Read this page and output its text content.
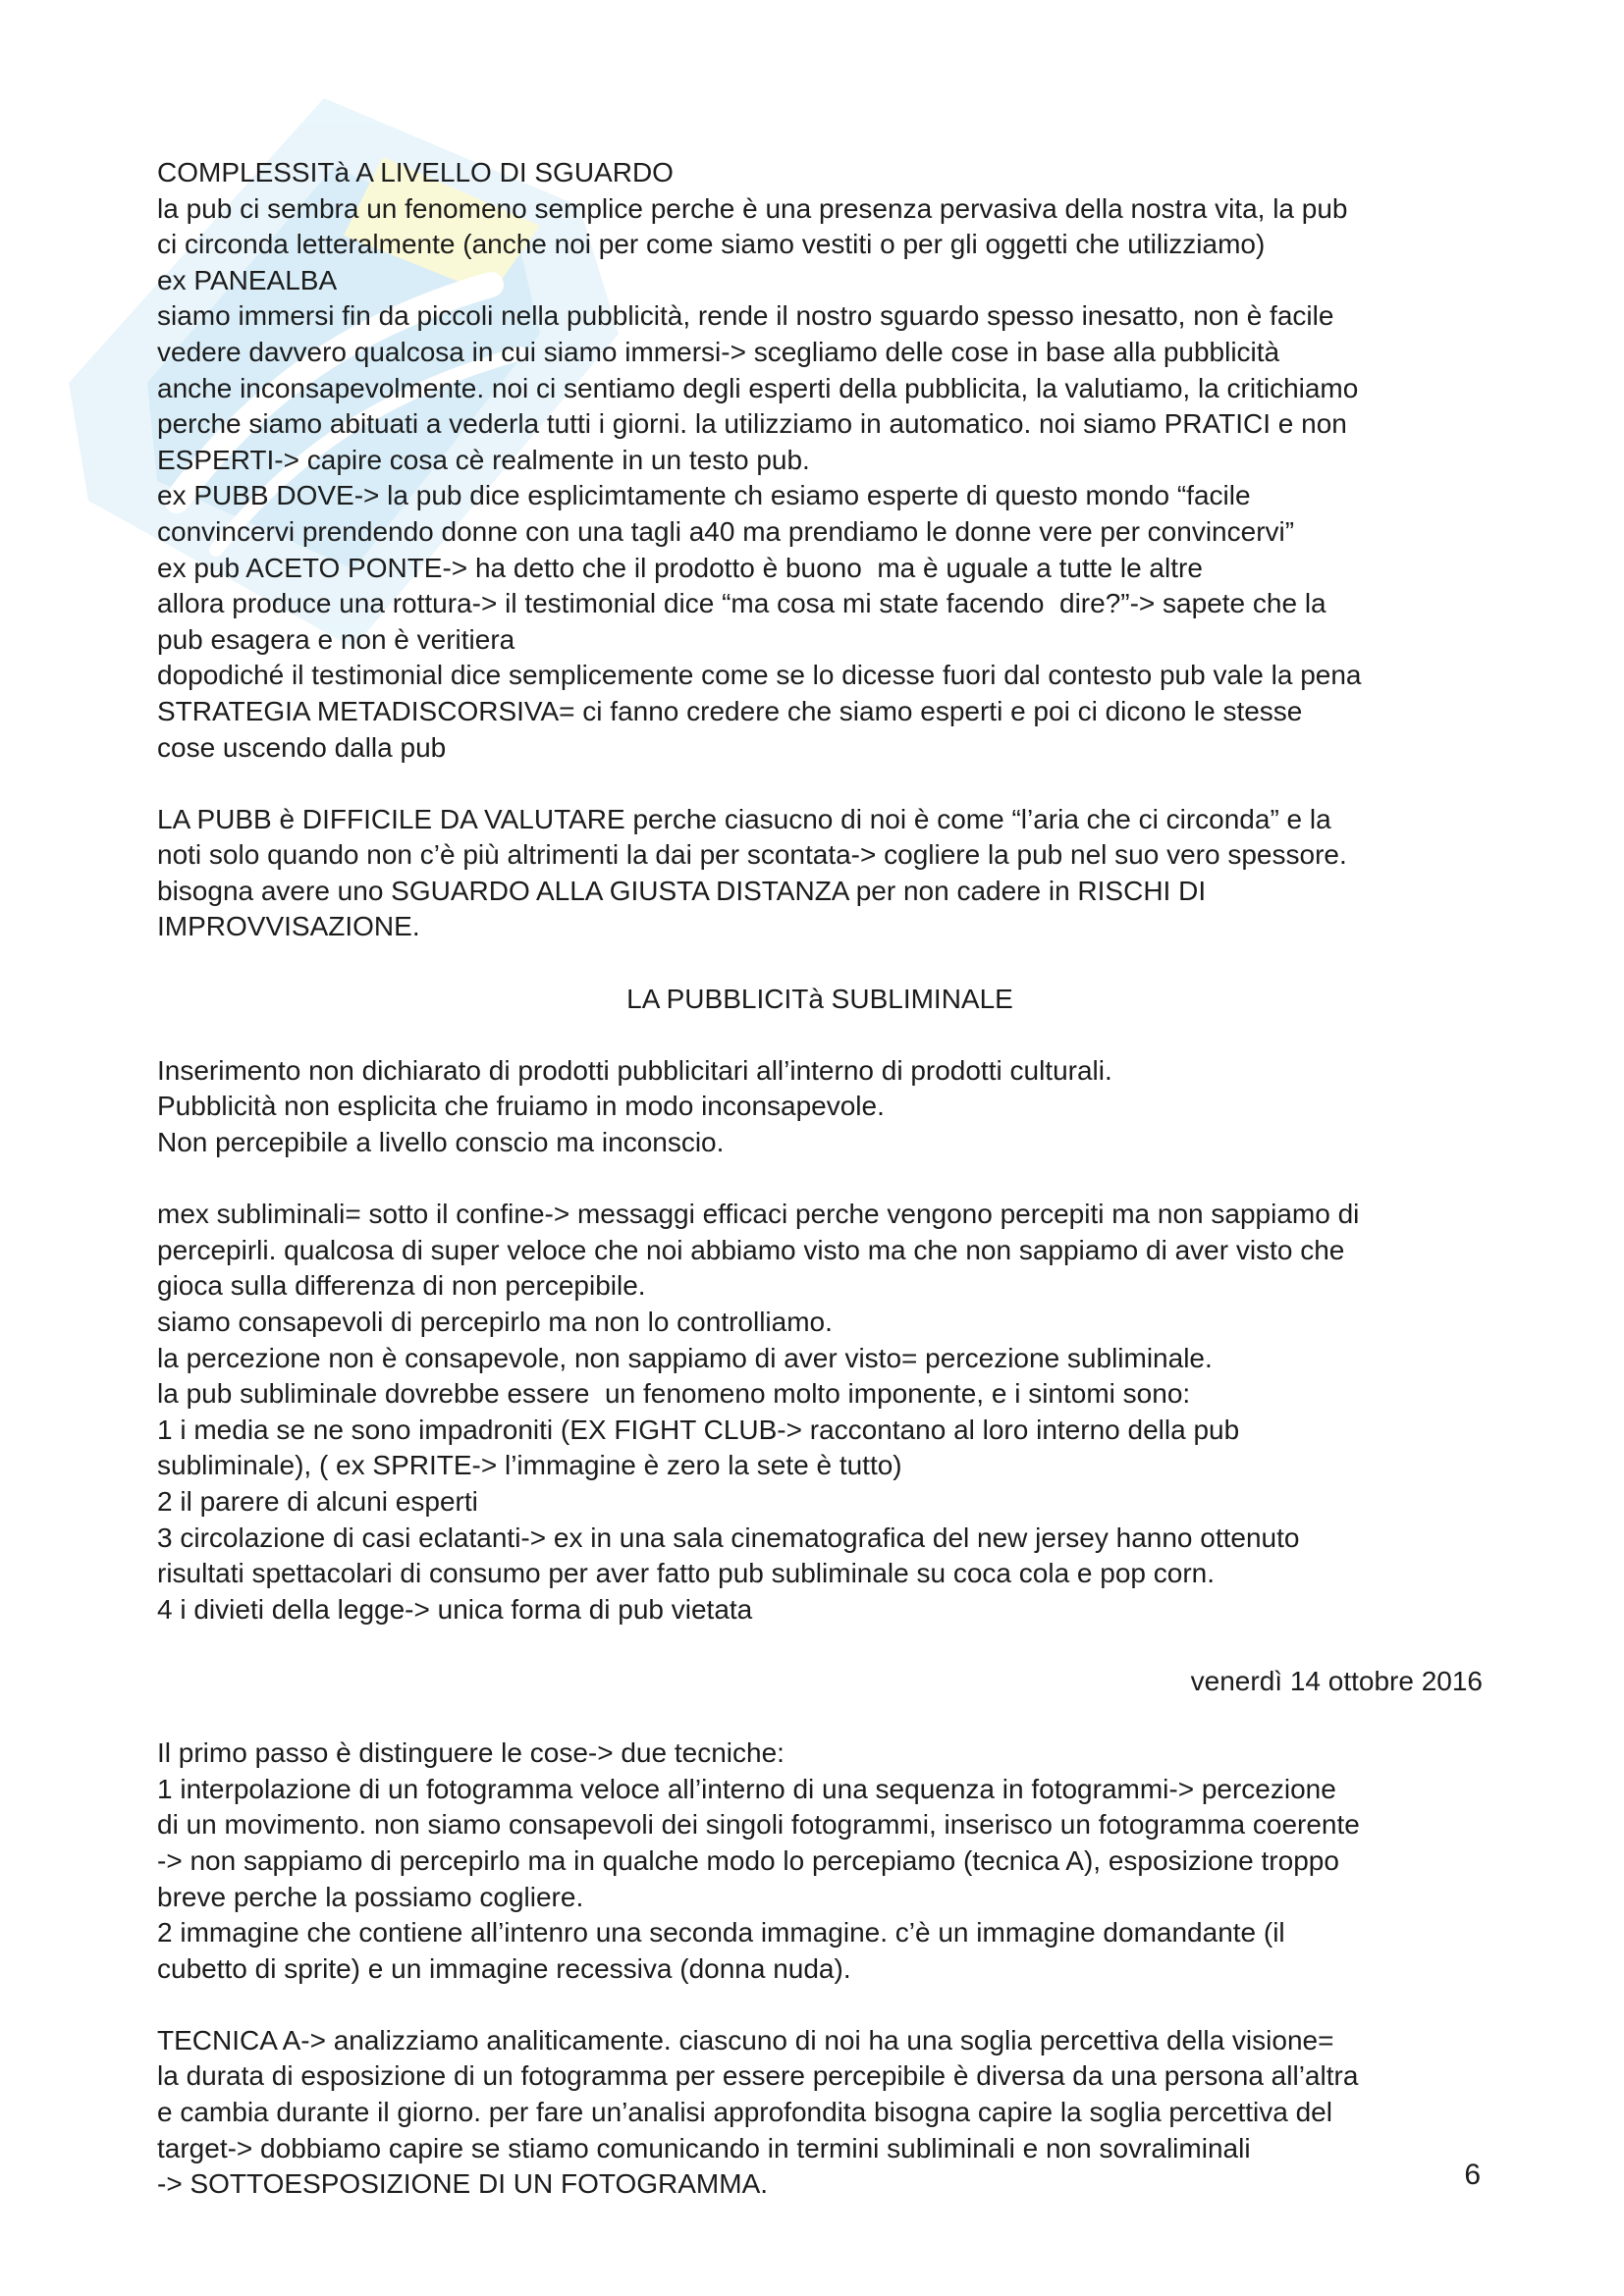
COMPLESSITà A LIVELLO DI SGUARDO
la pub ci sembra un fenomeno semplice perche è una presenza pervasiva della nostra vita, la pub
ci circonda letteralmente (anche noi per come siamo vestiti o per gli oggetti che utilizziamo)
ex PANEALBA
siamo immersi fin da piccoli nella pubblicità, rende il nostro sguardo spesso inesatto, non è facile
vedere davvero qualcosa in cui siamo immersi-> scegliamo delle cose in base alla pubblicità
anche inconsapevolmente. noi ci sentiamo degli esperti della pubblicita, la valutiamo, la critichiamo
perche siamo abituati a vederla tutti i giorni. la utilizziamo in automatico. noi siamo PRATICI e non
ESPERTI-> capire cosa cè realmente in un testo pub.
ex PUBB DOVE-> la pub dice esplicimtamente ch esiamo esperte di questo mondo “facile
convincervi prendendo donne con una tagli a40 ma prendiamo le donne vere per convincervi”
ex pub ACETO PONTE-> ha detto che il prodotto è buono  ma è uguale a tutte le altre
allora produce una rottura-> il testimonial dice “ma cosa mi state facendo  dire?”-> sapete che la
pub esagera e non è veritiera
dopodiché il testimonial dice semplicemente come se lo dicesse fuori dal contesto pub vale la pena
STRATEGIA METADISCORSIVA= ci fanno credere che siamo esperti e poi ci dicono le stesse
cose uscendo dalla pub
LA PUBB è DIFFICILE DA VALUTARE perche ciasucno di noi è come “l’aria che ci circonda” e la
noti solo quando non c’è più altrimenti la dai per scontata-> cogliere la pub nel suo vero spessore.
bisogna avere uno SGUARDO ALLA GIUSTA DISTANZA per non cadere in RISCHI DI
IMPROVVISAZIONE.
LA PUBBLICITà SUBLIMINALE
Inserimento non dichiarato di prodotti pubblicitari all’interno di prodotti culturali.
Pubblicità non esplicita che fruiamo in modo inconsapevole.
Non percepibile a livello conscio ma inconscio.
mex subliminali= sotto il confine-> messaggi efficaci perche vengono percepiti ma non sappiamo di
percepirli. qualcosa di super veloce che noi abbiamo visto ma che non sappiamo di aver visto che
gioca sulla differenza di non percepibile.
siamo consapevoli di percepirlo ma non lo controlliamo.
la percezione non è consapevole, non sappiamo di aver visto= percezione subliminale.
la pub subliminale dovrebbe essere  un fenomeno molto imponente, e i sintomi sono:
1 i media se ne sono impadroniti (EX FIGHT CLUB-> raccontano al loro interno della pub
subliminale), ( ex SPRITE-> l’immagine è zero la sete è tutto)
2 il parere di alcuni esperti
3 circolazione di casi eclatanti-> ex in una sala cinematografica del new jersey hanno ottenuto
risultati spettacolari di consumo per aver fatto pub subliminale su coca cola e pop corn.
4 i divieti della legge-> unica forma di pub vietata
venerdì 14 ottobre 2016
Il primo passo è distinguere le cose-> due tecniche:
1 interpolazione di un fotogramma veloce all’interno di una sequenza in fotogrammi-> percezione
di un movimento. non siamo consapevoli dei singoli fotogrammi, inserisco un fotogramma coerente
-> non sappiamo di percepirlo ma in qualche modo lo percepiamo (tecnica A), esposizione troppo
breve perche la possiamo cogliere.
2 immagine che contiene all’intenro una seconda immagine. c’è un immagine domandante (il
cubetto di sprite) e un immagine recessiva (donna nuda).
TECNICA A-> analizziamo analiticamente. ciascuno di noi ha una soglia percettiva della visione=
la durata di esposizione di un fotogramma per essere percepibile è diversa da una persona all’altra
e cambia durante il giorno. per fare un’analisi approfondita bisogna capire la soglia percettiva del
target-> dobbiamo capire se stiamo comunicando in termini subliminali e non sovraliminali
-> SOTTOESPOSIZIONE DI UN FOTOGRAMMA.	6
